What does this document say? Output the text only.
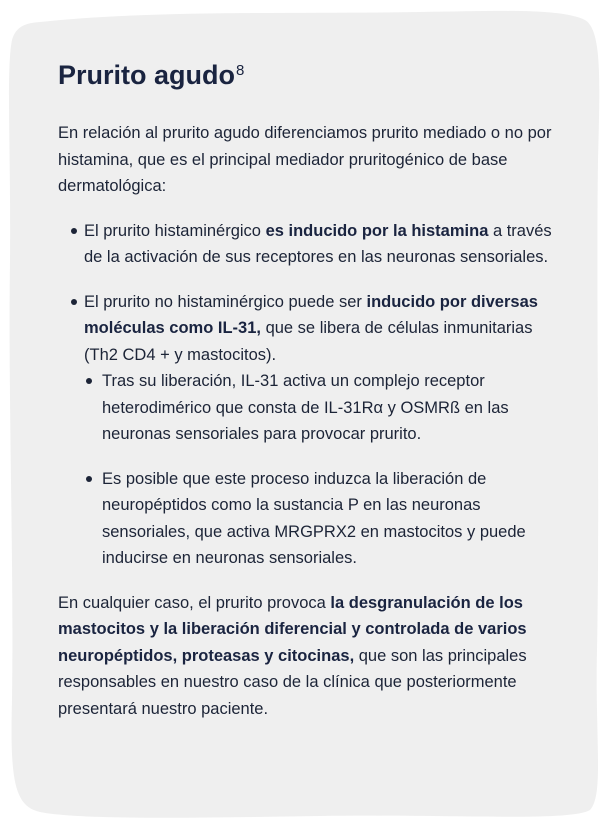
Prurito agudo$^8$

En relación al prurito agudo diferenciamos prurito mediado o no por histamina, que es el principal mediador pruritogénico de base dermatológica:

El prurito histaminérgico es inducido por la histamina a través de la activación de sus receptores en las neuronas sensoriales.
El prurito no histaminérgico puede ser inducido por diversas moléculas como IL-31, que se libera de células inmunitarias (Th2 CD4 + y mastocitos).
Tras su liberación, IL-31 activa un complejo receptor heterodimérico que consta de IL-31Rα y OSMRß en las neuronas sensoriales para provocar prurito.
Es posible que este proceso induzca la liberación de neuropéptidos como la sustancia P en las neuronas sensoriales, que activa MRGPRX2 en mastocitos y puede inducirse en neuronas sensoriales.

En cualquier caso, el prurito provoca la desgranulación de los mastocitos y la liberación diferencial y controlada de varios neuropéptidos, proteasas y citocinas, que son las principales responsables en nuestro caso de la clínica que posteriormente presentará nuestro paciente.
